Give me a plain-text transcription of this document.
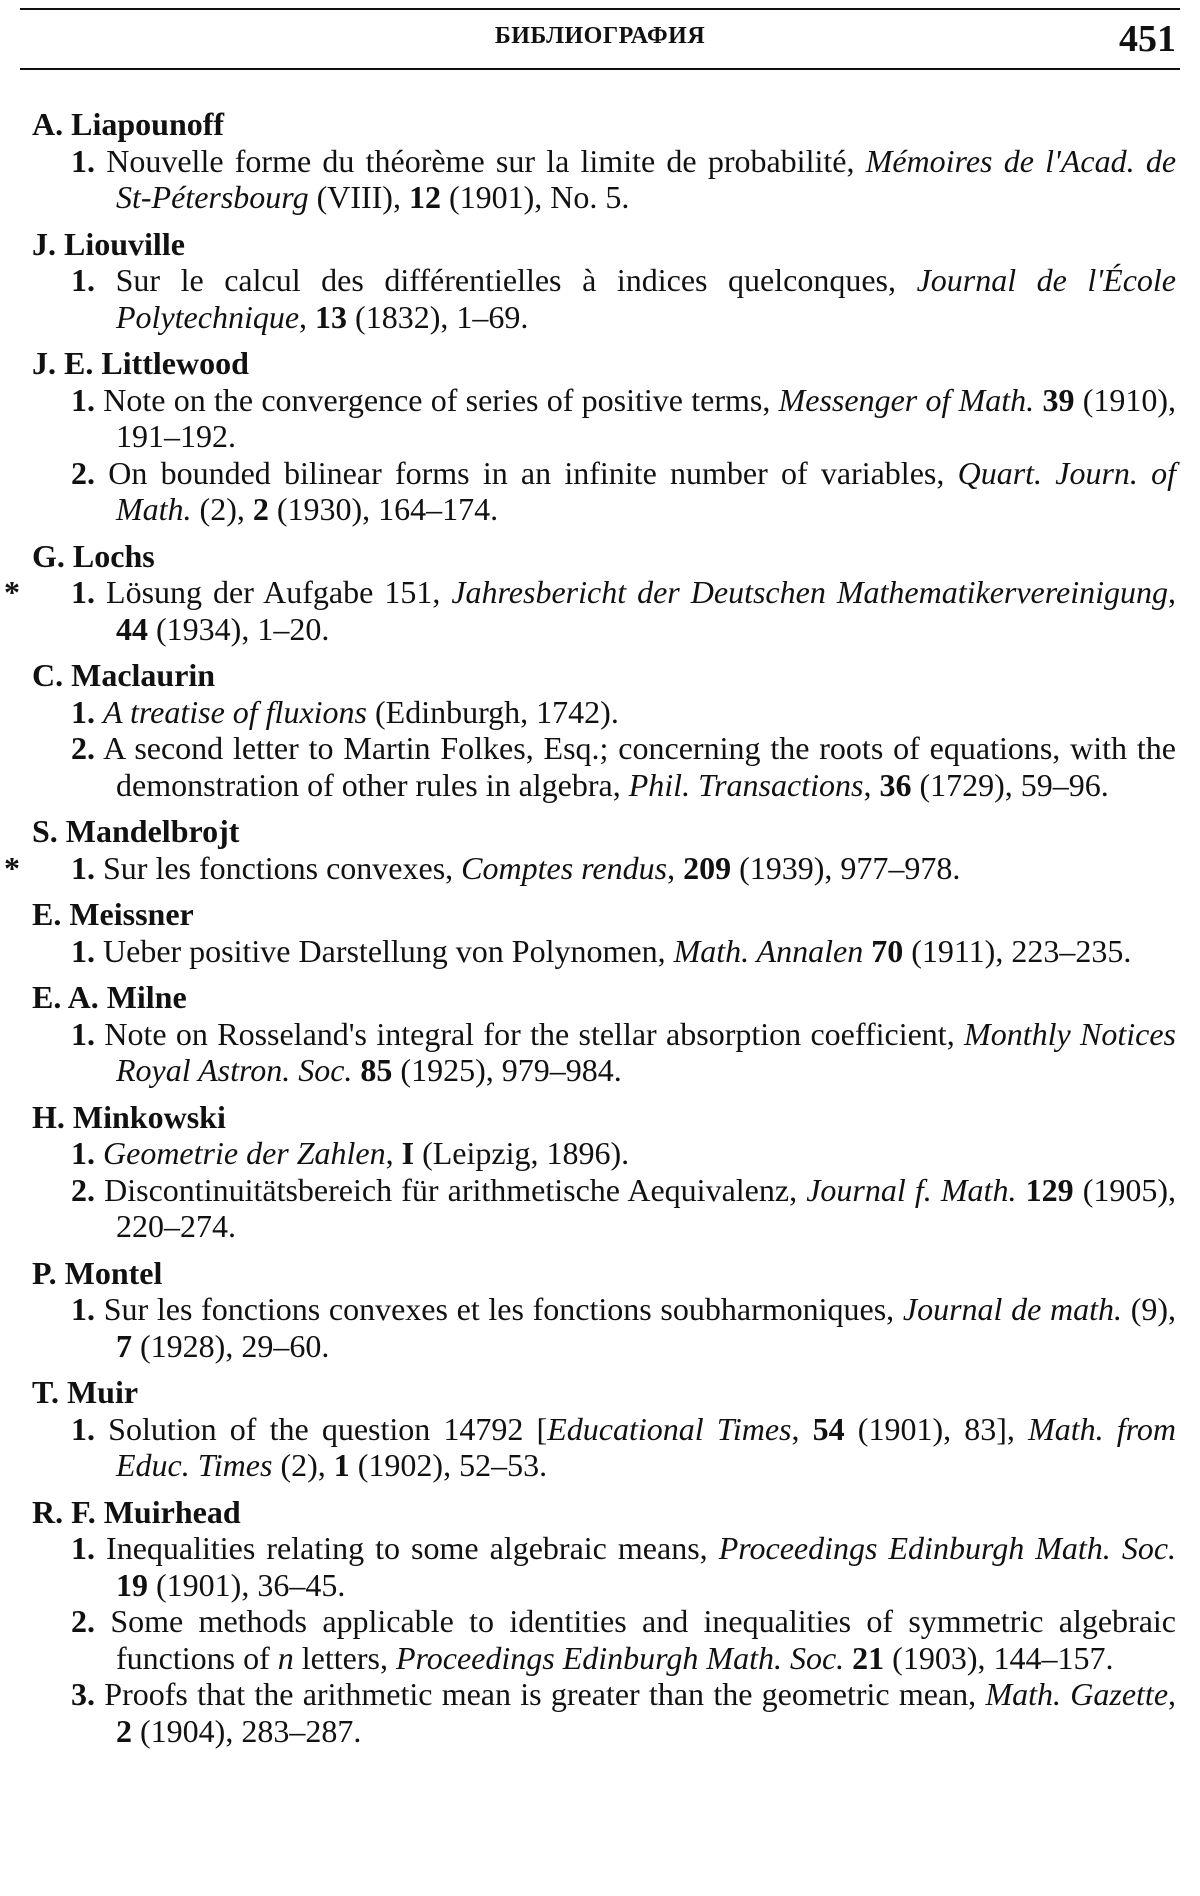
БИБЛИОГРАФИЯ	451
A. Liapounoff
1. Nouvelle forme du théorème sur la limite de probabilité, Mémoires de l'Acad. de St-Pétersbourg (VIII), 12 (1901), No. 5.
J. Liouville
1. Sur le calcul des différentielles à indices quelconques, Journal de l'École Polytechnique, 13 (1832), 1–69.
J. E. Littlewood
1. Note on the convergence of series of positive terms, Messenger of Math. 39 (1910), 191–192.
2. On bounded bilinear forms in an infinite number of variables, Quart. Journ. of Math. (2), 2 (1930), 164–174.
G. Lochs
* 1. Lösung der Aufgabe 151, Jahresbericht der Deutschen Mathematikervereinigung, 44 (1934), 1–20.
C. Maclaurin
1. A treatise of fluxions (Edinburgh, 1742).
2. A second letter to Martin Folkes, Esq.; concerning the roots of equations, with the demonstration of other rules in algebra, Phil. Transactions, 36 (1729), 59–96.
S. Mandelbrojt
* 1. Sur les fonctions convexes, Comptes rendus, 209 (1939), 977–978.
E. Meissner
1. Ueber positive Darstellung von Polynomen, Math. Annalen 70 (1911), 223–235.
E. A. Milne
1. Note on Rosseland's integral for the stellar absorption coefficient, Monthly Notices Royal Astron. Soc. 85 (1925), 979–984.
H. Minkowski
1. Geometrie der Zahlen, I (Leipzig, 1896).
2. Discontinuitätsbereich für arithmetische Aequivalenz, Journal f. Math. 129 (1905), 220–274.
P. Montel
1. Sur les fonctions convexes et les fonctions soubharmoniques, Journal de math. (9), 7 (1928), 29–60.
T. Muir
1. Solution of the question 14792 [Educational Times, 54 (1901), 83], Math. from Educ. Times (2), 1 (1902), 52–53.
R. F. Muirhead
1. Inequalities relating to some algebraic means, Proceedings Edinburgh Math. Soc. 19 (1901), 36–45.
2. Some methods applicable to identities and inequalities of symmetric algebraic functions of n letters, Proceedings Edinburgh Math. Soc. 21 (1903), 144–157.
3. Proofs that the arithmetic mean is greater than the geometric mean, Math. Gazette, 2 (1904), 283–287.
